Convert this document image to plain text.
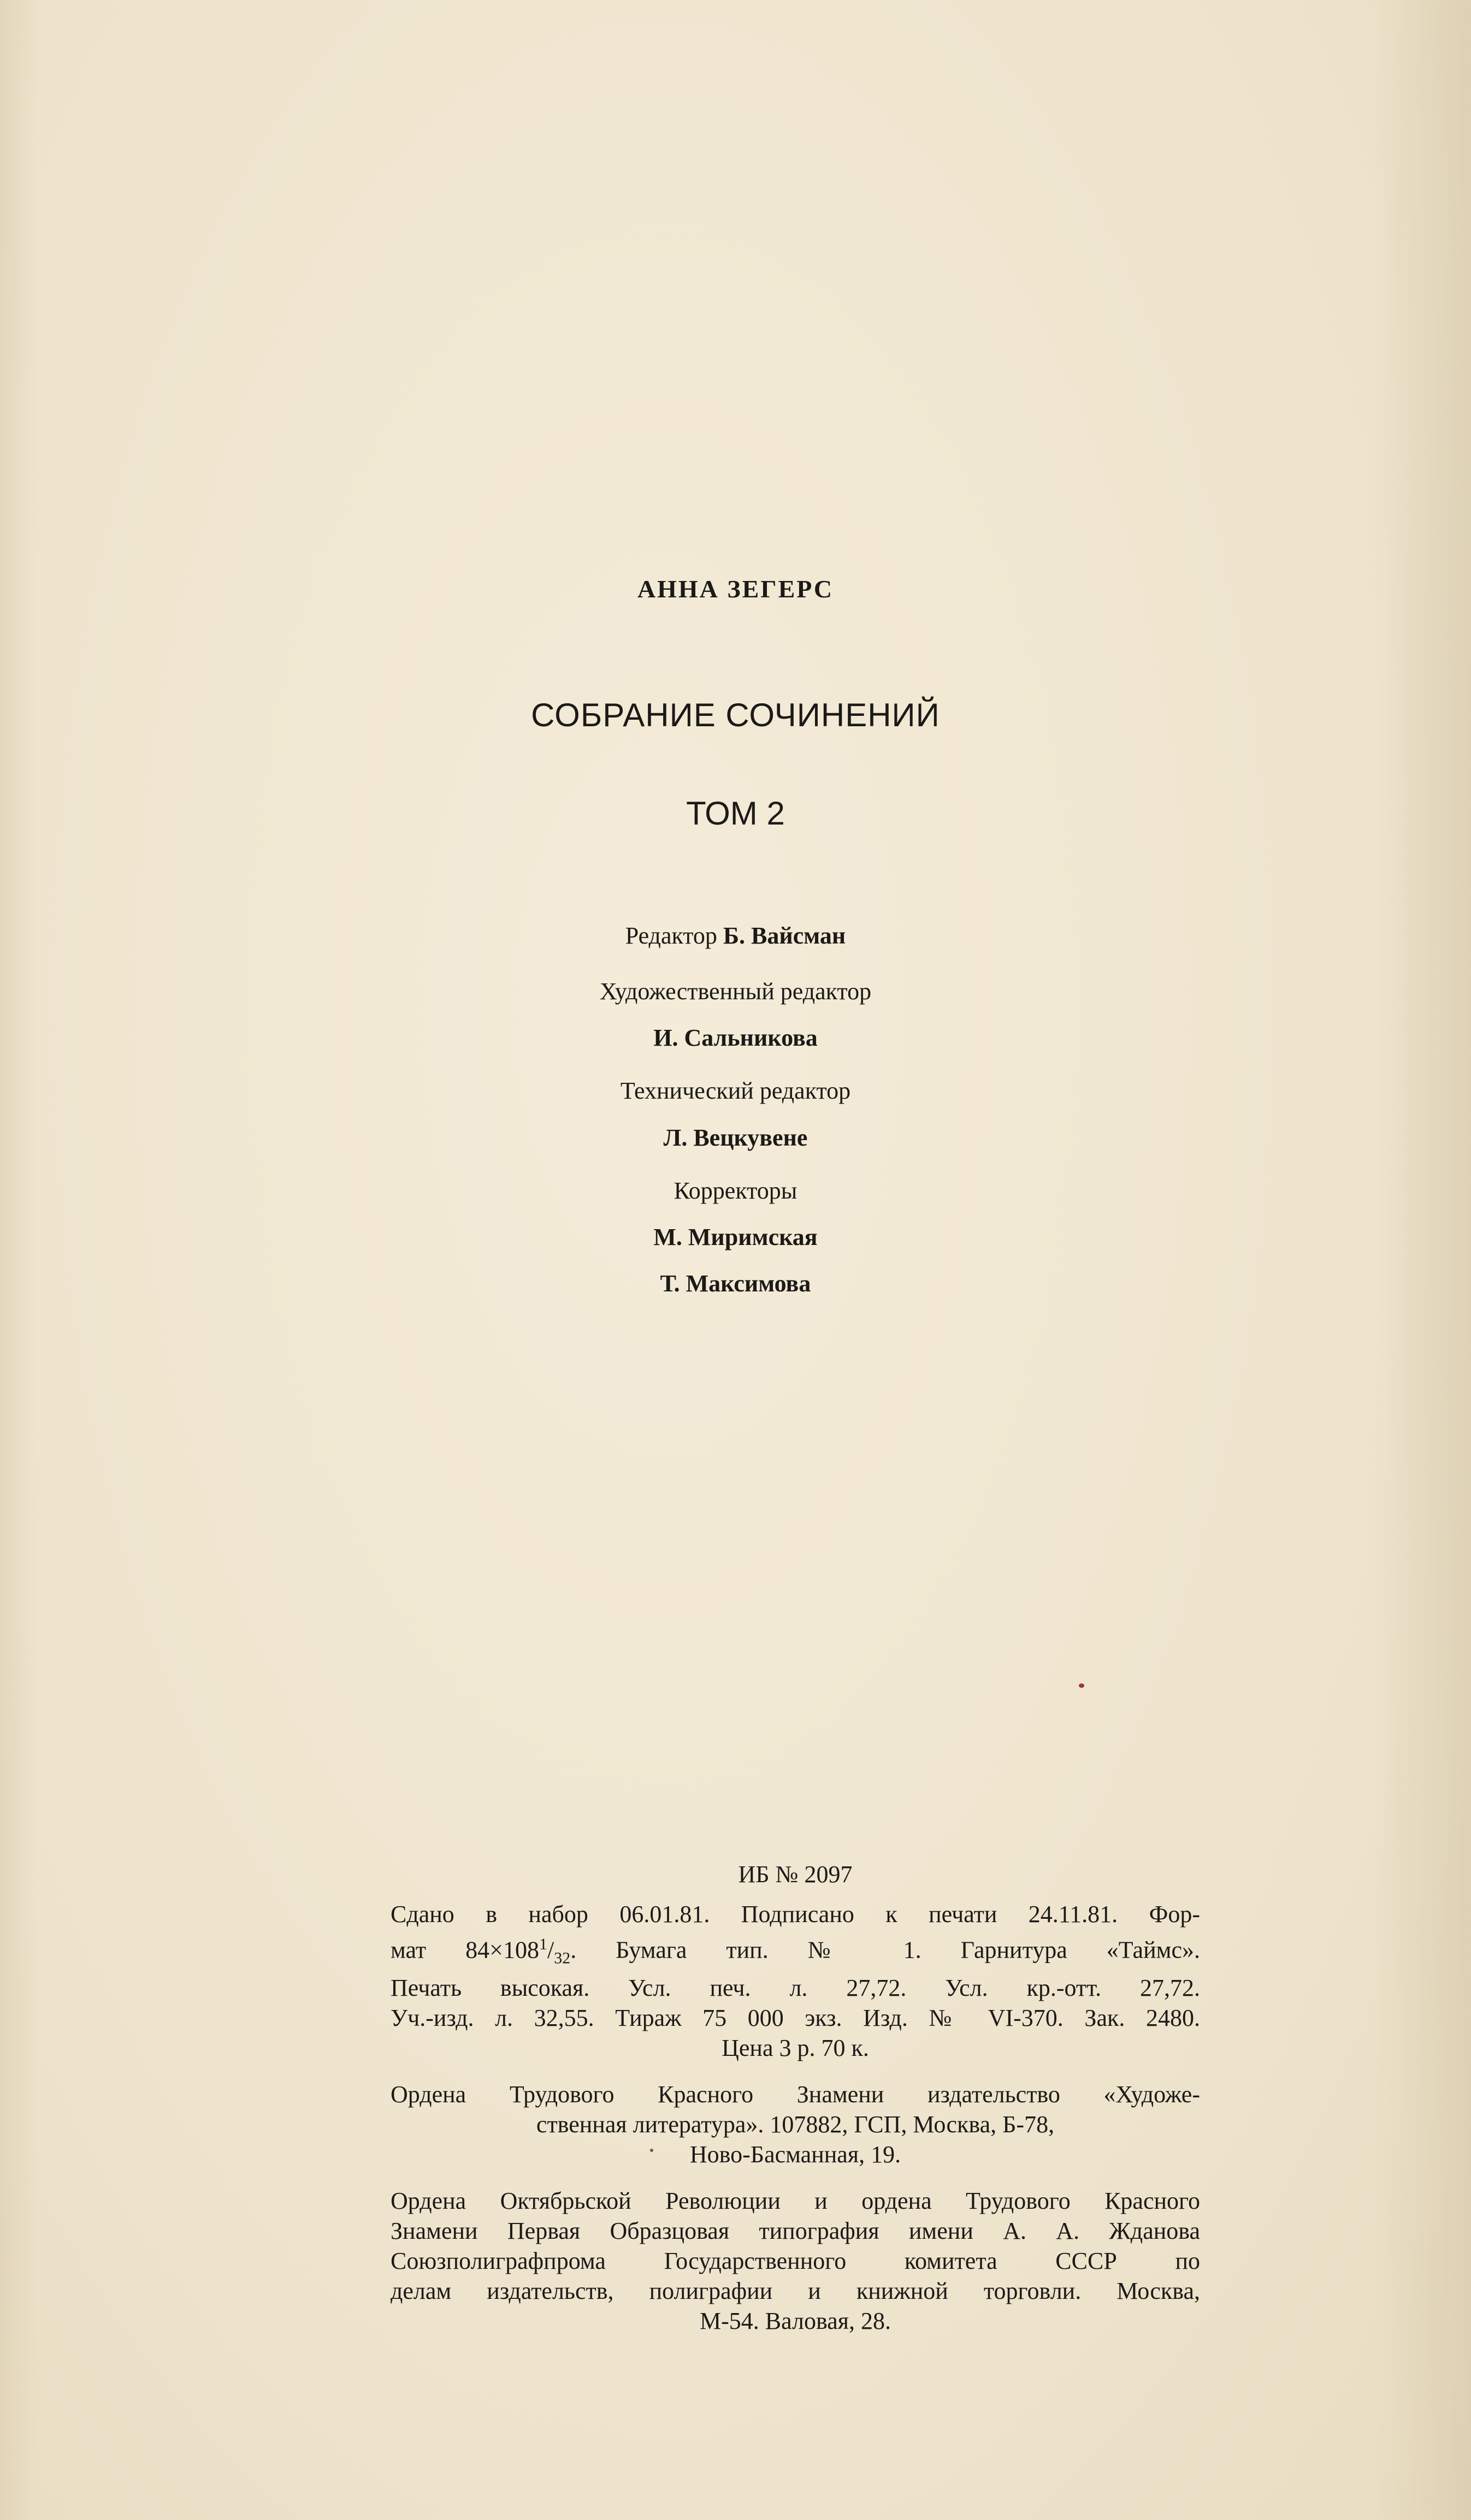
АННА ЗЕГЕРС
СОБРАНИЕ СОЧИНЕНИЙ
ТОМ 2
Редактор Б. Вайсман
Художественный редактор
И. Сальникова
Технический редактор
Л. Вецкувене
Корректоры
М. Миримская
Т. Максимова
ИБ № 2097
Сдано в набор 06.01.81. Подписано к печати 24.11.81. Фор-
мат $84\times 108^1/_{32}$. Бумага тип. № 1. Гарнитура «Таймс».
Печать высокая. Усл. печ. л. 27,72. Усл. кр.-отт. 27,72.
Уч.-изд. л. 32,55. Тираж 75 000 экз. Изд. № VI-370. Зак. 2480.
Цена 3 р. 70 к.
Ордена Трудового Красного Знамени издательство «Художе-
ственная литература». 107882, ГСП, Москва, Б-78,
Ново-Басманная, 19.
Ордена Октябрьской Революции и ордена Трудового Красного
Знамени Первая Образцовая типография имени А. А. Жданова
Союзполиграфпрома Государственного комитета СССР по
делам издательств, полиграфии и книжной торговли. Москва,
М-54. Валовая, 28.
